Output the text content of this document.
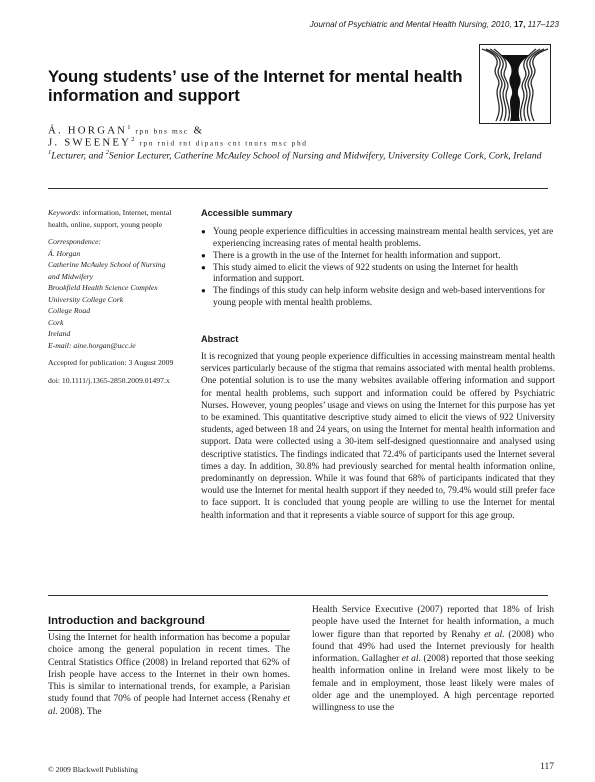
Journal of Psychiatric and Mental Health Nursing, 2010, 17, 117–123
Young students’ use of the Internet for mental health information and support
Á. HORGAN$^1$ rpn bns msc &
J. SWEENEY$^2$ rpn rnid rnt dipans cnt tnurs msc phd
$^1$Lecturer, and $^2$Senior Lecturer, Catherine McAuley School of Nursing and Midwifery, University College Cork, Cork, Ireland

Keywords: information, Internet, mental health, online, support, young people

Correspondence:

Á. Horgan

Catherine McAuley School of Nursing

and Midwifery

Brookfield Health Science Complex

University College Cork

College Road

Cork

Ireland

E-mail: aine.horgan@ucc.ie

Accepted for publication: 3 August 2009

doi: 10.1111/j.1365-2850.2009.01497.x

Accessible summary
● Young people experience difficulties in accessing mainstream mental health services, yet are experiencing increasing rates of mental health problems.
● There is a growth in the use of the Internet for health information and support.
● This study aimed to elicit the views of 922 students on using the Internet for health information and support.
● The findings of this study can help inform website design and web-based interventions for young people with mental health problems.
Abstract

It is recognized that young people experience difficulties in accessing mainstream mental health services particularly because of the stigma that remains associated with mental health problems. One potential solution is to use the many websites available offering information and support for mental health problems, such support and information could be offered by Psychiatric Nurses. However, young peoples’ usage and views on using the Internet for this purpose has yet to be examined. This quantitative descriptive study aimed to elicit the views of 922 University students, aged between 18 and 24 years, on using the Internet for mental health information and support. Data were collected using a 30-item self-designed questionnaire and analysed using descriptive statistics. The findings indicated that 72.4% of participants used the Internet several times a day. In addition, 30.8% had previously searched for mental health information online, predominantly on depression. While it was found that 68% of participants indicated that they would use the Internet for mental health support if they needed to, 79.4% would still prefer face to face support. It is concluded that young people are willing to use the Internet for mental health information and that it represents a viable source of support for this age group.

Introduction and background

Using the Internet for health information has become a popular choice among the general population in recent times. The Central Statistics Office (2008) in Ireland reported that 62% of Irish people have access to the Internet in their own homes. This is similar to international trends, for example, a Parisian study found that 70% of people had Internet access (Renahy et al. 2008). The

Health Service Executive (2007) reported that 18% of Irish people have used the Internet for health information, a much lower figure than that reported by Renahy et al. (2008) who found that 49% had used the Internet previously for health information. Gallagher et al. (2008) reported that those seeking health information online in Ireland were most likely to be female and in employment, those least likely were males of older age and the unemployed. A high percentage reported willingness to use the

© 2009 Blackwell Publishing	117
